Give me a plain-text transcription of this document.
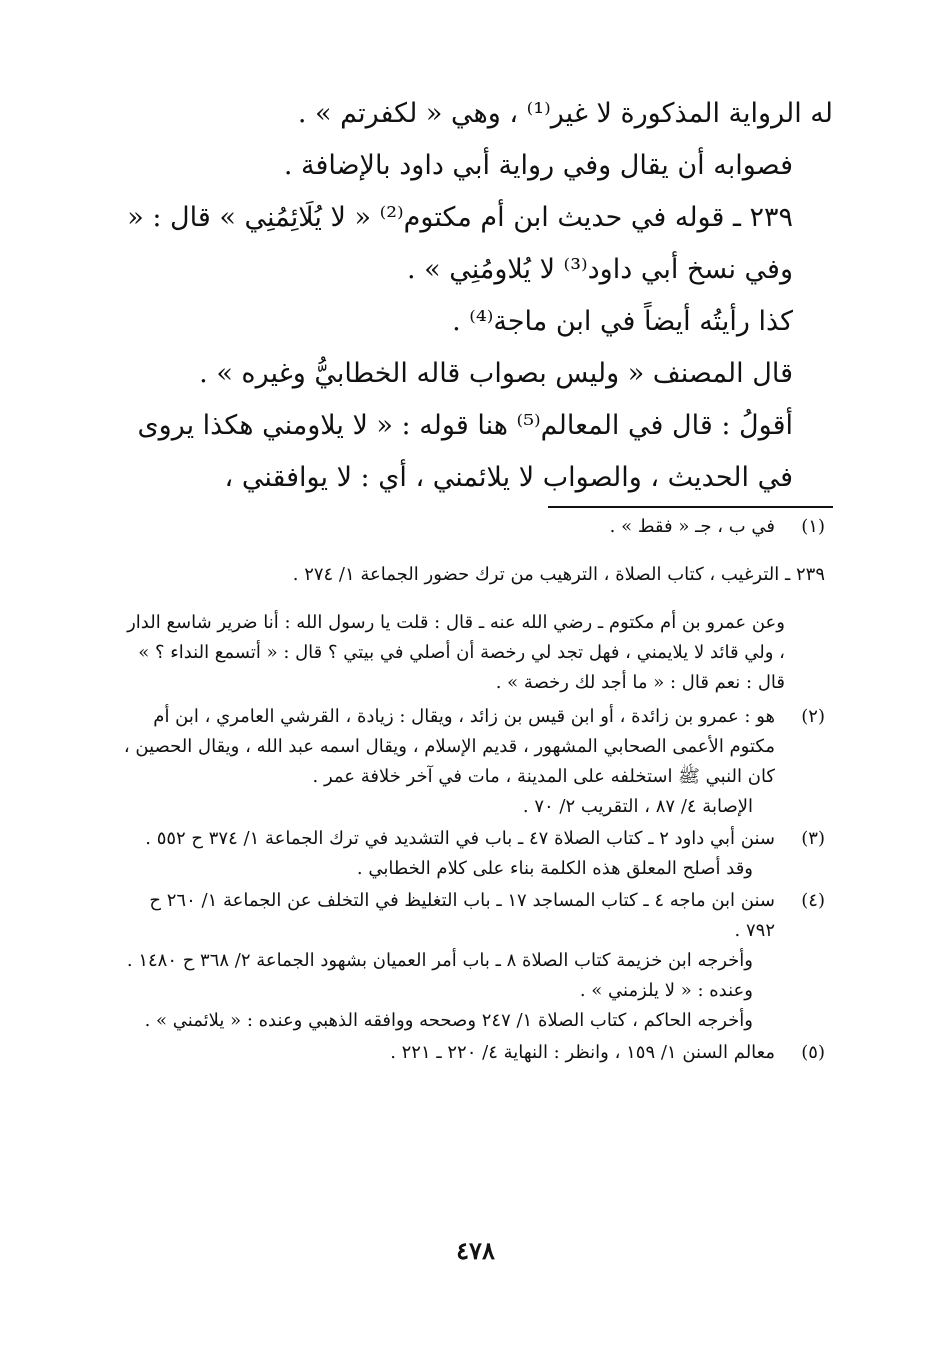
له الرواية المذكورة لا غير⁽¹⁾ ، وهي « لكفرتم » .

فصوابه أن يقال وفي رواية أبي داود بالإضافة .

٢٣٩ ـ قوله في حديث ابن أم مكتوم⁽²⁾ « لا يُلَائِمُنِي » قال : « وفي نسخ أبي داود⁽³⁾ لا يُلاومُنِي » .

كذا رأيتُه أيضاً في ابن ماجة⁽⁴⁾ .

قال المصنف « وليس بصواب قاله الخطابيُّ وغيره » .

أقولُ : قال في المعالم⁽⁵⁾ هنا قوله : « لا يلاومني هكذا يروى في الحديث ، والصواب لا يلائمني ، أي : لا يوافقني ،

(١)

في ب ، جـ « فقط » .

٢٣٩ ـ الترغيب ، كتاب الصلاة ، الترهيب من ترك حضور الجماعة ١/ ٢٧٤ .

وعن عمرو بن أم مكتوم ـ رضي الله عنه ـ قال : قلت يا رسول الله : أنا ضرير شاسع الدار ، ولي قائد لا يلايمني ، فهل تجد لي رخصة أن أصلي في بيتي ؟ قال : « أتسمع النداء ؟ » قال : نعم قال : « ما أجد لك رخصة » .

(٢)

هو : عمرو بن زائدة ، أو ابن قيس بن زائد ، ويقال : زيادة ، القرشي العامري ، ابن أم مكتوم الأعمى الصحابي المشهور ، قديم الإسلام ، ويقال اسمه عبد الله ، ويقال الحصين ، كان النبي ﷺ استخلفه على المدينة ، مات في آخر خلافة عمر .

الإصابة ٤/ ٨٧ ، التقريب ٢/ ٧٠ .

(٣)

سنن أبي داود ٢ ـ كتاب الصلاة ٤٧ ـ باب في التشديد في ترك الجماعة ١/ ٣٧٤ ح ٥٥٢ .

وقد أصلح المعلق هذه الكلمة بناء على كلام الخطابي .

(٤)

سنن ابن ماجه ٤ ـ كتاب المساجد ١٧ ـ باب التغليظ في التخلف عن الجماعة ١/ ٢٦٠ ح ٧٩٢ .

وأخرجه ابن خزيمة كتاب الصلاة ٨ ـ باب أمر العميان بشهود الجماعة ٢/ ٣٦٨ ح ١٤٨٠ . وعنده : « لا يلزمني » .

وأخرجه الحاكم ، كتاب الصلاة ١/ ٢٤٧ وصححه ووافقه الذهبي وعنده : « يلائمني » .

(٥)

معالم السنن ١/ ١٥٩ ، وانظر : النهاية ٤/ ٢٢٠ ـ ٢٢١ .

٤٧٨
